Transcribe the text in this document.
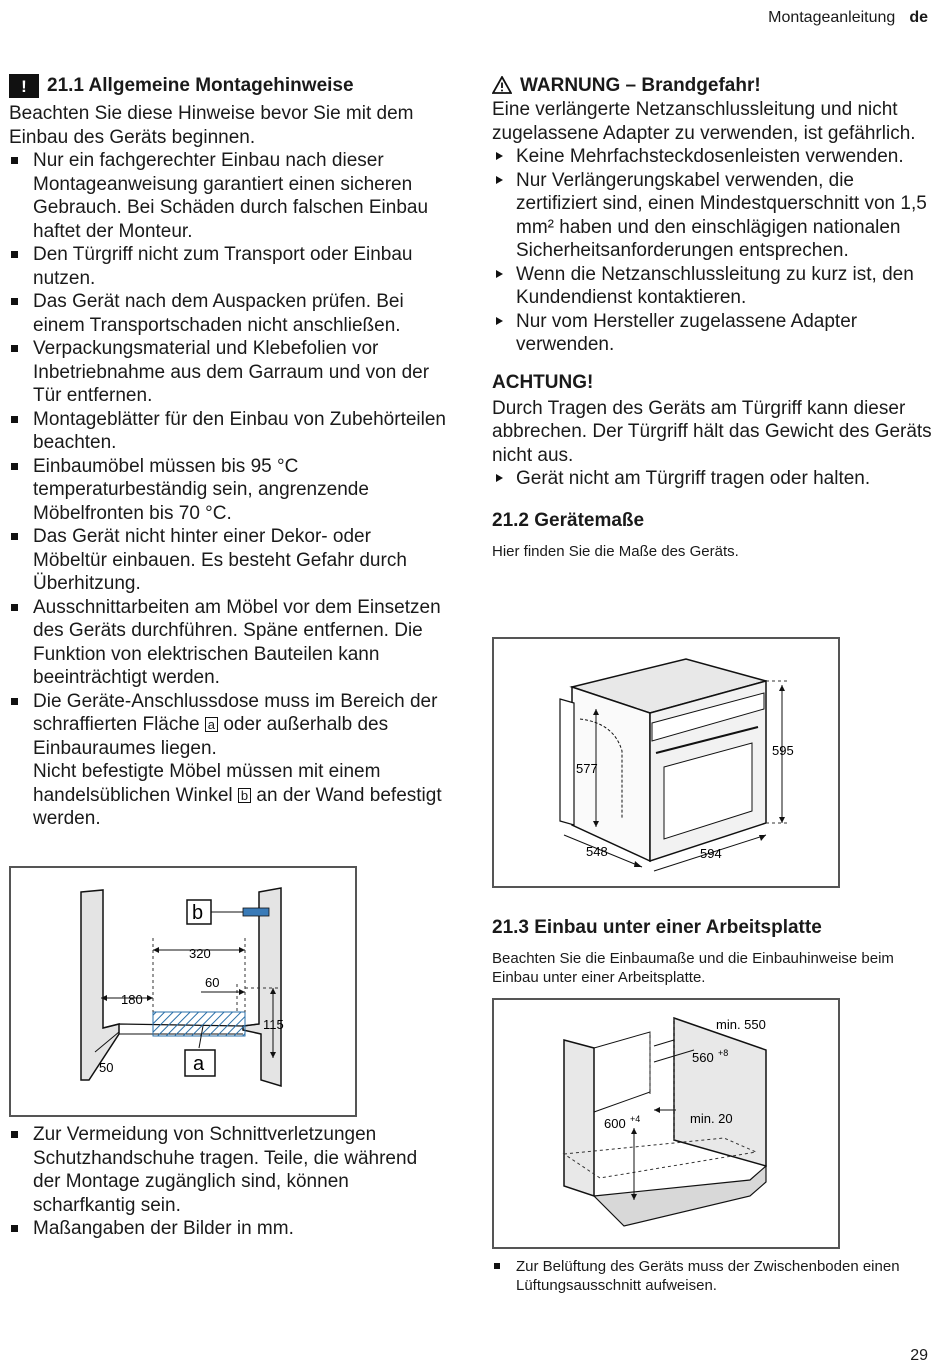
Montageanleitung de
! 21.1 Allgemeine Montagehinweise

Beachten Sie diese Hinweise bevor Sie mit dem Einbau des Geräts beginnen.

Nur ein fachgerechter Einbau nach dieser Montageanweisung garantiert einen sicheren Gebrauch. Bei Schäden durch falschen Einbau haftet der Monteur.
Den Türgriff nicht zum Transport oder Einbau nutzen.
Das Gerät nach dem Auspacken prüfen. Bei einem Transportschaden nicht anschließen.
Verpackungsmaterial und Klebefolien vor Inbetriebnahme aus dem Garraum und von der Tür entfernen.
Montageblätter für den Einbau von Zubehörteilen beachten.
Einbaumöbel müssen bis 95 °C temperaturbeständig sein, angrenzende Möbelfronten bis 70 °C.
Das Gerät nicht hinter einer Dekor- oder Möbeltür einbauen. Es besteht Gefahr durch Überhitzung.
Ausschnittarbeiten am Möbel vor dem Einsetzen des Geräts durchführen. Späne entfernen. Die Funktion von elektrischen Bauteilen kann beeinträchtigt werden.
Die Geräte-Anschlussdose muss im Bereich der schraffierten Fläche a oder außerhalb des Einbauraumes liegen.
Nicht befestigte Möbel müssen mit einem handelsüblichen Winkel b an der Wand befestigt werden.
320
60
180
115
50
b
a
Zur Vermeidung von Schnittverletzungen Schutzhandschuhe tragen. Teile, die während der Montage zugänglich sind, können scharfkantig sein.
Maßangaben der Bilder in mm.
WARNUNG – Brandgefahr!

Eine verlängerte Netzanschlussleitung und nicht zugelassene Adapter zu verwenden, ist gefährlich.

Keine Mehrfachsteckdosenleisten verwenden.
Nur Verlängerungskabel verwenden, die zertifiziert sind, einen Mindestquerschnitt von 1,5 mm² haben und den einschlägigen nationalen Sicherheitsanforderungen entsprechen.
Wenn die Netzanschlussleitung zu kurz ist, den Kundendienst kontaktieren.
Nur vom Hersteller zugelassene Adapter verwenden.
ACHTUNG!

Durch Tragen des Geräts am Türgriff kann dieser abbrechen. Der Türgriff hält das Gewicht des Geräts nicht aus.

Gerät nicht am Türgriff tragen oder halten.
21.2 Gerätemaße

Hier finden Sie die Maße des Geräts.

577
595
548	594
21.3 Einbau unter einer Arbeitsplatte

Beachten Sie die Einbaumaße und die Einbauhinweise beim Einbau unter einer Arbeitsplatte.

min. 550
560 +8
600 +4	min. 20
Zur Belüftung des Geräts muss der Zwischenboden einen Lüftungsausschnitt aufweisen.
29
